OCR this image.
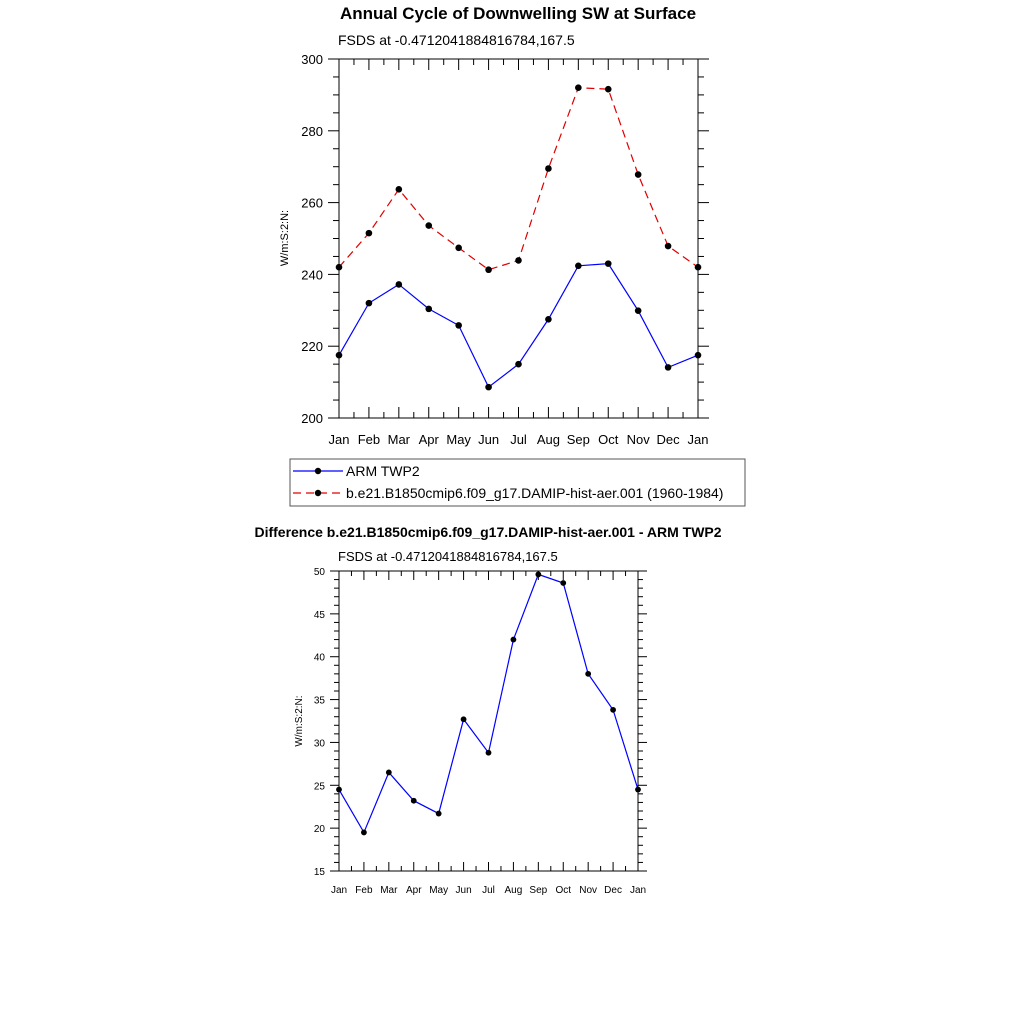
Annual Cycle of Downwelling SW at Surface
FSDS at -0.4712041884816784,167.5
W/m:S:2:N:
Jan Feb Mar Apr May Jun Jul Aug Sep Oct Nov Dec Jan
200
220
240
260
280
300
ARM TWP2
b.e21.B1850cmip6.f09_g17.DAMIP-hist-aer.001 (1960-1984)
Difference b.e21.B1850cmip6.f09_g17.DAMIP-hist-aer.001 - ARM TWP2
FSDS at -0.4712041884816784,167.5
W/m:S:2:N:
Jan Feb Mar Apr May Jun Jul Aug Sep Oct Nov Dec Jan
15
20
25
30
35
40
45
50
